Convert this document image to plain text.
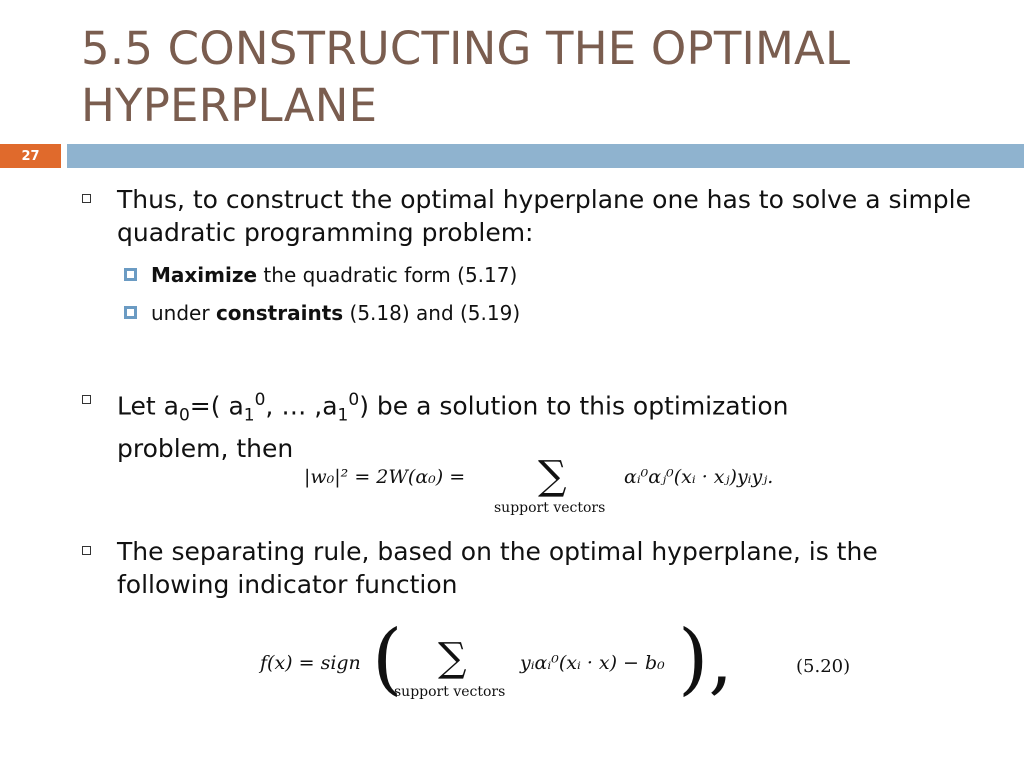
5.5 CONSTRUCTING THE OPTIMAL HYPERPLANE
27
Thus, to construct the optimal hyperplane one has to solve a simple quadratic programming problem:
Maximize the quadratic form (5.17)
under constraints (5.18) and (5.19)
Let $a_0=$( $a_1^0$, … $,a_1^0$) be a solution to this optimization
problem, then
|w₀|² = 2W(α₀) = ∑
support vectors
αᵢ⁰αⱼ⁰(xᵢ · xⱼ)yᵢyⱼ.
The separating rule, based on the optimal hyperplane, is the following indicator function
f(x) = sign ( ∑
support vectors
yᵢαᵢ⁰(xᵢ · x) − b₀ ),	(5.20)
